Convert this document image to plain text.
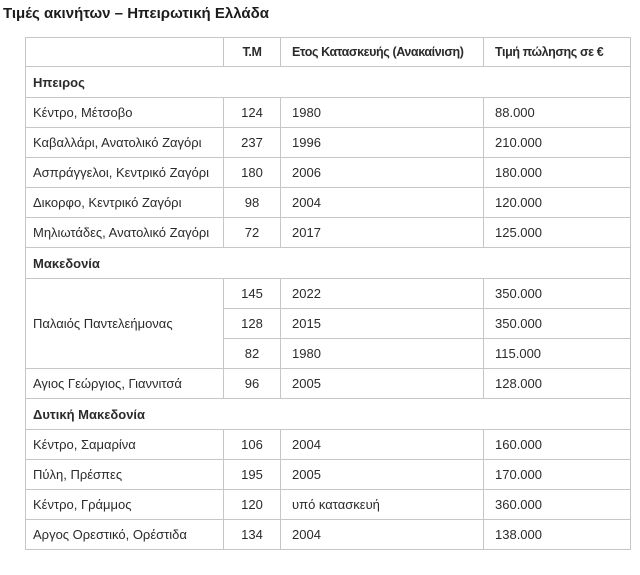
Τιμές ακινήτων – Ηπειρωτική Ελλάδα
	Τ.Μ	Ετος Κατασκευής (Ανακαίνιση)	Τιμή πώλησης σε €
Ηπειρος			
Κέντρο, Μέτσοβο	124	1980	88.000
Καβαλλάρι, Ανατολικό Ζαγόρι	237	1996	210.000
Ασπράγγελοι, Κεντρικό Ζαγόρι	180	2006	180.000
Δικορφο, Κεντρικό Ζαγόρι	98	2004	120.000
Μηλιωτάδες, Ανατολικό Ζαγόρι	72	2017	125.000
Μακεδονία			
Παλαιός Παντελεήμονας	145	2022	350.000
	128	2015	350.000
	82	1980	115.000
Αγιος Γεώργιος, Γιαννιτσά	96	2005	128.000
Δυτική Μακεδονία			
Κέντρο, Σαμαρίνα	106	2004	160.000
Πύλη, Πρέσπες	195	2005	170.000
Κέντρο, Γράμμος	120	υπό κατασκευή	360.000
Αργος Ορεστικό, Ορέστιδα	134	2004	138.000
